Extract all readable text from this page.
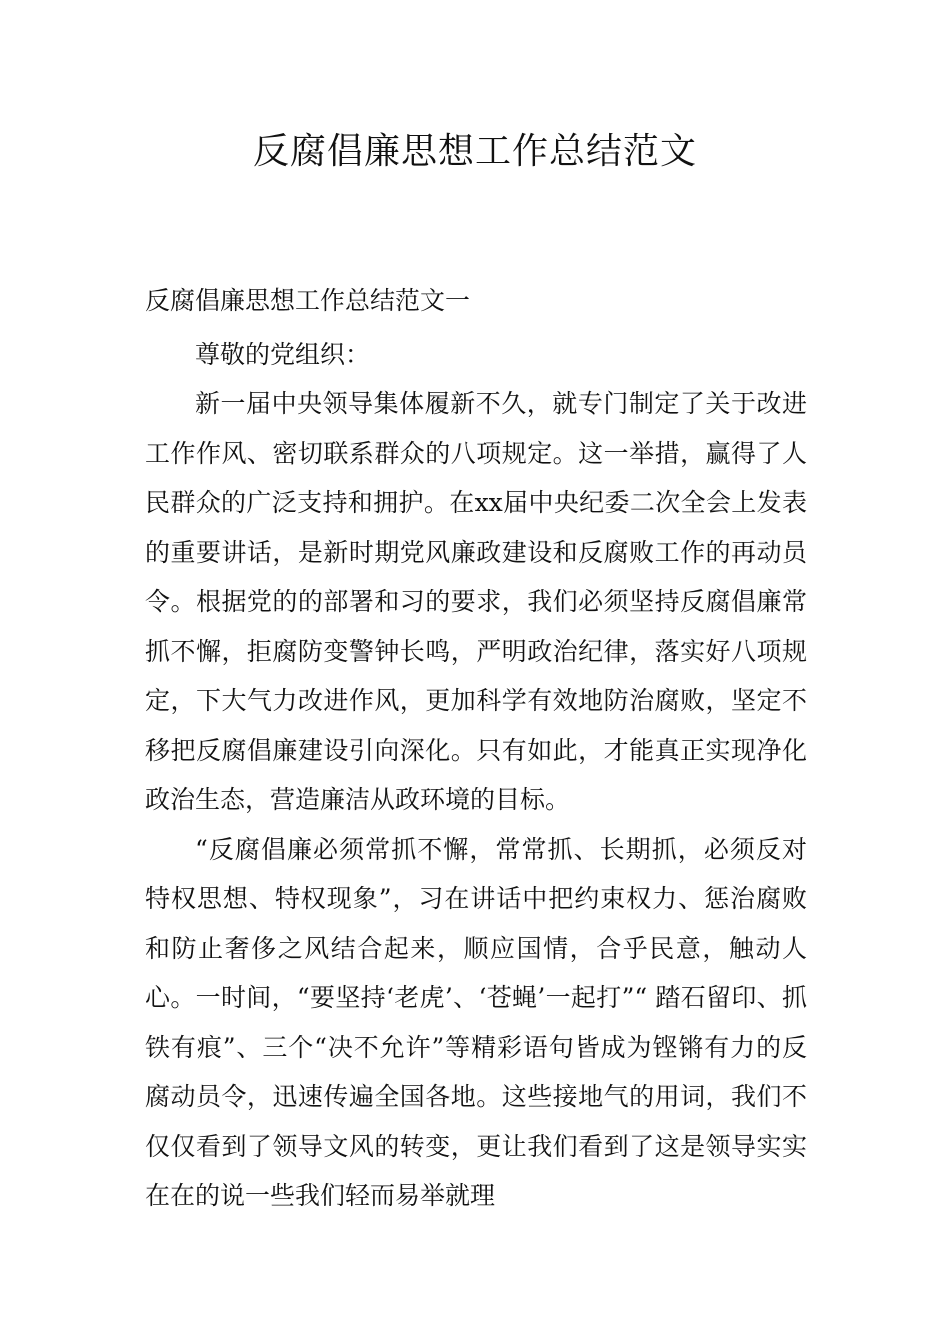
反腐倡廉思想工作总结范文

反腐倡廉思想工作总结范文一

尊敬的党组织：

新一届中央领导集体履新不久，就专门制定了关于改进工作作风、密切联系群众的八项规定。这一举措，赢得了人民群众的广泛支持和拥护。在xx届中央纪委二次全会上发表的重要讲话，是新时期党风廉政建设和反腐败工作的再动员令。根据党的的部署和习的要求，我们必须坚持反腐倡廉常抓不懈，拒腐防变警钟长鸣，严明政治纪律，落实好八项规定，下大气力改进作风，更加科学有效地防治腐败，坚定不移把反腐倡廉建设引向深化。只有如此，才能真正实现净化政治生态，营造廉洁从政环境的目标。

“反腐倡廉必须常抓不懈，常常抓、长期抓，必须反对特权思想、特权现象”，习在讲话中把约束权力、惩治腐败和防止奢侈之风结合起来，顺应国情，合乎民意，触动人心。一时间，“要坚持‘老虎’、‘苍蝇’一起打”“ 踏石留印、抓铁有痕”、三个“决不允许”等精彩语句皆成为铿锵有力的反腐动员令，迅速传遍全国各地。这些接地气的用词，我们不仅仅看到了领导文风的转变，更让我们看到了这是领导实实在在的说一些我们轻而易举就理
